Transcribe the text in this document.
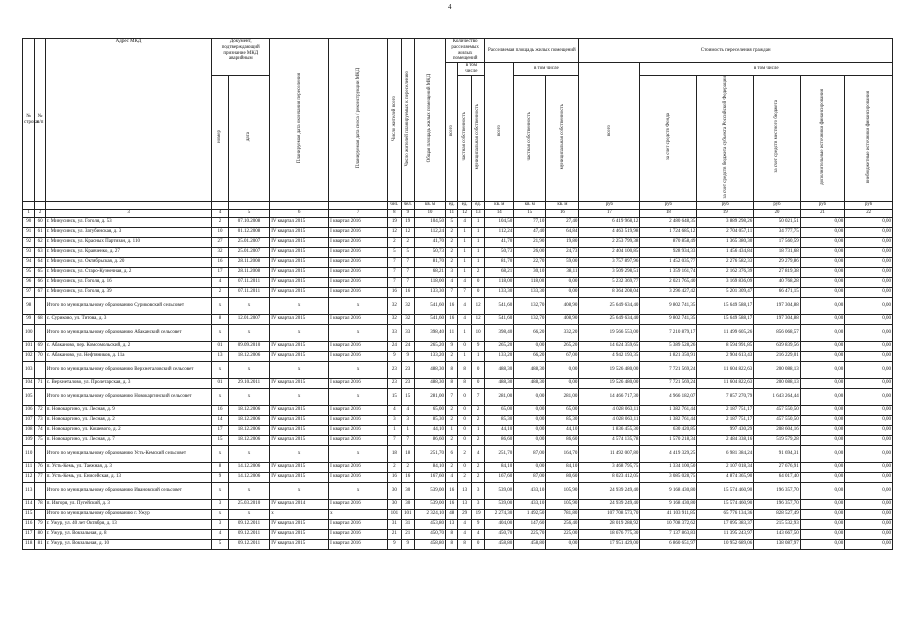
4
№ строки	№ п/п	Адрес МКД	Документ, подтверждающий признание МКД аварийным		Планируемая дата окончания переселения	Планируемая дата сноса / реконструкции МКД	Число жителей всего	Число жителей планируемых к переселению	Общая площадь жилых помещений МКД	Количество расселяемых жилых помещений			Расселяемая площадь жилых помещений			Стоимость переселения граждан					
										всего	в том числе		всего	в том числе		всего	в том числе				
			номер	дата							частная собственность	муниципальная собственность		частная собственность	муниципальная собственность		за счет средств Фонда	за счет средств бюджета субъекта Российской Федерации	за счет средств местного бюджета	дополнительные источники финансирования	внебюджетные источники финансирования
							чел.	чел.	кв. м	ед.	ед.	ед.	кв. м	кв. м	кв. м	руб	руб	руб	руб	руб	руб
1	2	3	4	5	6	7	8	9	10	11	12	13	14	15	16	17	18	19	20	21	22
90	60	г. Минусинск, ул. Гоголя, д. 53	2	07.10.2008	IV квартал 2015	I квартал 2016	19	19	104,50	5	4	1	104,50	77,10	27,40	6 419 968,12	2 480 648,35	3 889 298,26	50 021,51	0,00	0,00
91	61	г. Минусинск, ул. Затубинская, д. 3	10	01.12.2008	IV квартал 2015	I квартал 2016	12	12	112,24	2	1	1	112,24	47,40	64,84	4 463 519,98	1 724 685,12	2 704 057,11	34 777,75	0,00	0,00
92	62	г. Минусинск, ул. Красных Партизан, д. 110	27	25.01.2007	IV квартал 2015	I квартал 2016	2	2	41,70	2	1	1	41,70	21,90	19,80	2 253 799,38	870 858,49	1 365 380,30	17 560,59	0,00	0,00
93	63	г. Минусинск, ул. Кравченко, д. 27	32	25.01.2007	IV квартал 2015	I квартал 2016	5	5	50,73	2	1	1	50,73	26,00	24,73	2 404 100,85	928 934,33	1 456 434,84	18 731,68	0,00	0,00
94	64	г. Минусинск, ул. Октябрьская, д. 20	16	28.11.2008	IV квартал 2015	I квартал 2016	7	7	81,70	2	1	1	81,70	22,70	59,00	3 757 897,96	1 452 035,77	2 276 582,33	29 279,86	0,00	0,00
95	65	г. Минусинск, ул. Старо-Кузнечная, д. 2	17	28.11.2008	IV квартал 2015	I квартал 2016	7	7	68,21	3	1	2	68,21	30,10	38,11	3 509 298,51	1 359 161,74	2 162 376,39	27 819,38	0,00	0,00
96	66	г. Минусинск, ул. Гоголя, д. 16	4	07.11.2011	IV квартал 2015	I квартал 2016	7	7	118,00	4	4	0	118,00	118,00	0,00	5 232 369,77	2 021 765,40	3 169 836,09	40 768,28	0,00	0,00
97	67	г. Минусинск, ул. Гоголя, д. 39	2	07.11.2011	IV квартал 2015	I квартал 2016	16	16	133,30	7	7	0	133,30	133,30	0,00	8 364 208,04	3 296 427,42	5 201 309,47	66 471,15	0,00	0,00
98		Итого по муниципальному образованию Суриковский сельсовет	x	x	x	x	32	32	541,60	16	4	12	541,60	132,70	408,90	25 649 634,40	9 802 741,35	15 649 588,17	197 304,88	0,00	0,00
99	68	с. Суриково, ул. Титова, д. 3	8	12.01.2007	IV квартал 2015	I квартал 2016	32	32	541,60	16	4	12	541,60	132,70	408,90	25 649 634,40	9 802 741,35	15 649 588,17	197 304,88	0,00	0,00
100		Итого по муниципальному образованию Абаканский сельсовет	x	x	x	x	33	33	398,40	11	1	10	398,40	66,20	332,20	19 566 553,00	7 210 879,17	11 499 605,26	856 068,57	0,00	0,00
101	69	с. Абаканово, пер. Комсомольский, д. 2	01	09.09.2010	IV квартал 2015	I квартал 2016	24	24	265,20	9	0	9	265,20	0,00	265,20	14 624 359,65	5 389 528,26	8 594 991,85	639 839,56	0,00	0,00
102	70	с. Абаканово, ул. Нефтяников, д. 11а	13	18.12.2006	IV квартал 2015	I квартал 2016	9	9	133,20	2	1	1	133,20	66,20	67,00	4 942 193,35	1 821 350,91	2 904 613,43	216 229,01	0,00	0,00
103		Итого по муниципальному образованию Верхнеталовский сельсовет	x	x	x	x	23	23	488,30	8	8	0	488,30	488,30	0,00	19 526 480,00	7 721 569,24	11 604 822,63	200 088,13	0,00	0,00
104	71	с. Верхнеталово, ул. Пролетарская, д. 3	01	29.10.2011	IV квартал 2015	I квартал 2016	23	23	488,30	8	8	0	488,30	488,30	0,00	19 526 480,00	7 721 569,24	11 604 822,63	200 088,13	0,00	0,00
105		Итого по муниципальному образованию Новокаргинский сельсовет	x	x	x	x	15	15	281,00	7	0	7	281,00	0,00	281,00	14 466 717,30	4 966 182,07	7 857 270,79	1 643 264,44	0,00	0,00
106	72	п. Новокаргино, ул. Лесная, д. 9	16	18.12.2006	IV квартал 2015	I квартал 2016	4	4	65,00	2	0	2	65,00	0,00	65,00	4 028 063,11	1 382 761,44	2 187 751,17	457 550,50	0,00	0,00
107	73	п. Новокаргино, ул. Лесная, д. 2	14	18.12.2006	IV квартал 2015	I квартал 2016	3	3	85,30	2	0	2	85,30	0,00	85,30	4 028 063,11	1 382 761,44	2 187 751,17	457 550,50	0,00	0,00
108	74	п. Новокаргино, ул. Кошевого, д. 2	17	18.12.2006	IV квартал 2015	I квартал 2016	1	1	44,10	1	0	1	44,10	0,00	44,10	1 836 455,30	630 420,85	997 430,29	208 604,16	0,00	0,00
109	75	п. Новокаргино, ул. Лесная, д. 7	15	18.12.2006	IV квартал 2015	I квартал 2016	7	7	86,60	2	0	2	86,60	0,00	86,60	4 574 135,78	1 570 218,34	2 484 338,16	519 579,28	0,00	0,00
110		Итого по муниципальному образованию Усть-Кемский сельсовет	x	x	x	x	18	18	251,70	6	2	4	251,70	87,00	164,70	11 492 007,80	4 419 329,25	6 981 384,24	91 694,31	0,00	0,00
111	76	п. Усть-Кемь, ул. Таежная, д. 3	8	14.12.2006	IV квартал 2015	I квартал 2016	2	2	84,10	2	0	2	84,10	0,00	84,10	3 468 795,75	1 334 100,50	2 107 018,34	27 676,91	0,00	0,00
112	77	п. Усть-Кемь, ул. Енисейская, д. 13	9	14.12.2006	IV квартал 2015	I квартал 2016	16	16	167,60	4	2	2	167,60	87,00	80,60	8 023 412,05	3 085 028,75	4 874 365,90	64 017,40	0,00	0,00
113		Итого по муниципальному образованию Ивановский сельсовет	x	x	x	x	30	30	539,00	16	13	3	539,00	433,10	105,90	24 939 249,40	9 168 430,80	15 574 460,90	196 357,70	0,00	0,00
114	78	п. Ивгоря, ул. Пугейский, д. 3	3	25.03.2010	IV квартал 2014	I квартал 2016	30	30	539,00	16	13	3	539,00	433,10	105,90	24 939 249,40	9 168 430,80	15 574 460,90	196 357,70	0,00	0,00
115		Итого по муниципальному образованию г. Ужур	x	x	x	x	101	101	2 324,10	48	29	19	2 274,30	1 492,50	781,80	107 708 573,70	41 103 911,85	65 776 134,36	828 527,49	0,00	0,00
116	79	г. Ужур, ул. 40 лет Октября, д. 13	3	09.12.2011	IV квартал 2015	I квартал 2016	31	31	453,80	13	4	9	404,00	147,60	256,40	28 019 288,92	10 708 372,62	17 095 383,37	215 532,93	0,00	0,00
117	80	г. Ужур, ул. Вокзальная, д. 8	4	09.12.2011	IV квартал 2015	I квартал 2016	21	21	450,70	8	4	4	450,70	225,70	225,00	18 676 775,30	7 137 863,83	11 395 243,97	143 667,50	0,00	0,00
118	81	г. Ужур, ул. Вокзальная, д. 10	5	09.12.2011	IV квартал 2015	I квартал 2016	9	9	458,80	8	8	0	458,80	458,80	0,00	17 951 429,00	6 860 651,97	10 952 689,06	138 087,97	0,00	0,00
